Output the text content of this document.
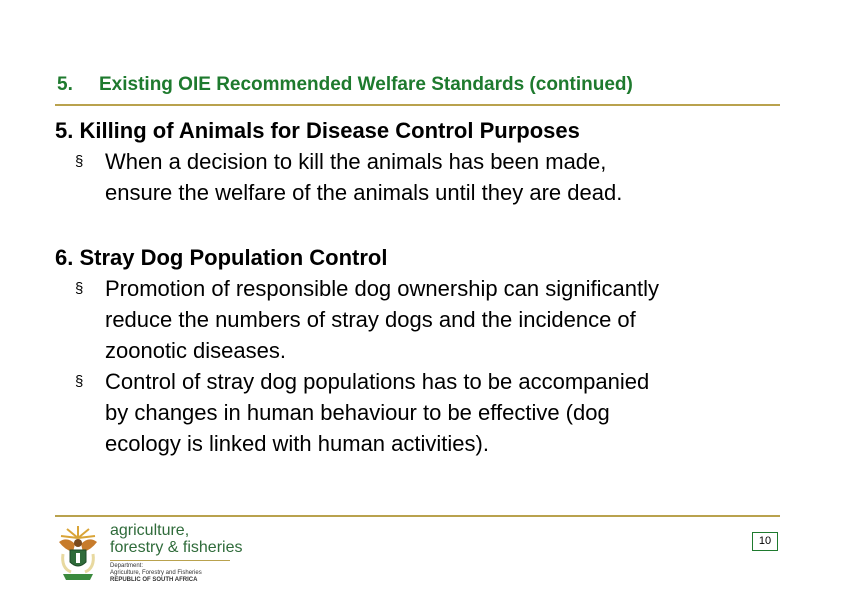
5. Existing OIE Recommended Welfare Standards (continued)

5. Killing of Animals for Disease Control Purposes

§ When a decision to kill the animals has been made,
ensure the welfare of the animals until they are dead.

6. Stray Dog Population Control

§ Promotion of responsible dog ownership can significantly
reduce the numbers of stray dogs and the incidence of
zoonotic diseases.
§ Control of stray dog populations has to be accompanied
by changes in human behaviour to be effective (dog
ecology is linked with human activities).
agriculture,
forestry & fisheries
Department:
Agriculture, Forestry and Fisheries
REPUBLIC OF SOUTH AFRICA
10
